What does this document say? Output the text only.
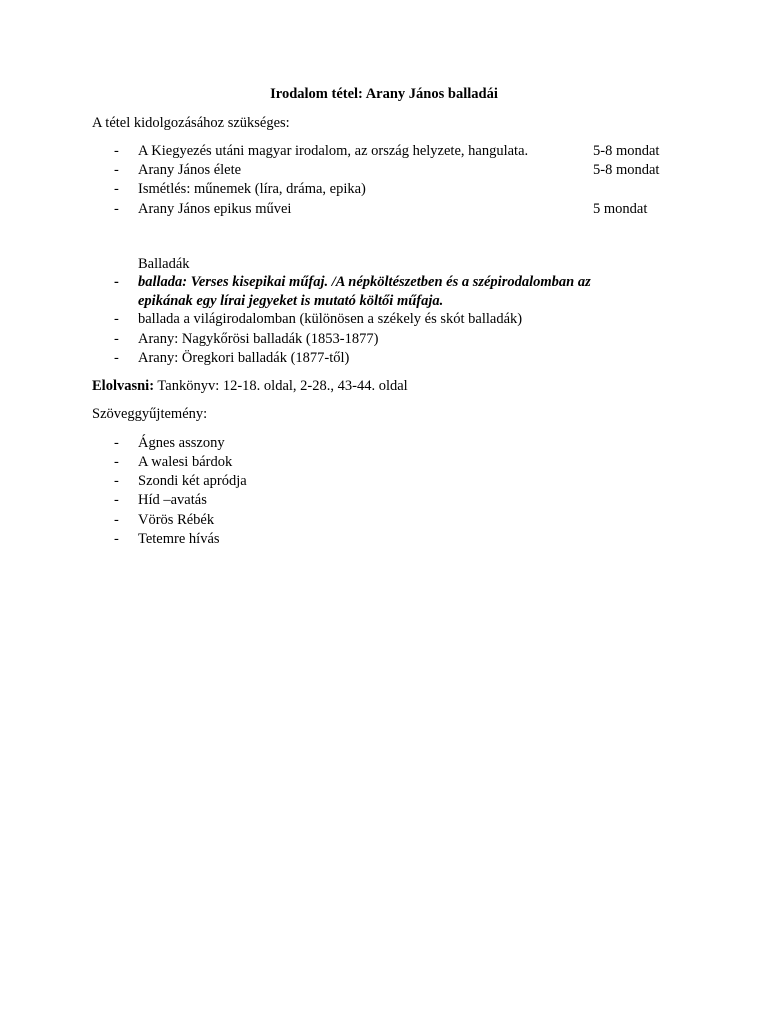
Irodalom tétel: Arany János balladái
A tétel kidolgozásához szükséges:
- A Kiegyezés utáni magyar irodalom, az ország helyzete, hangulata.	5-8 mondat
- Arany János élete	5-8 mondat
- Ismétlés: műnemek (líra, dráma, epika)
- Arany János epikus művei	5 mondat
Balladák
- ballada: Verses kisepikai műfaj. /A népköltészetben és a szépirodalomban az
epikának egy lírai jegyeket is mutató költői műfaja.
- ballada a világirodalomban (különösen a székely és skót balladák)
- Arany: Nagykőrösi balladák (1853-1877)
- Arany: Öregkori balladák (1877-től)
Elolvasni: Tankönyv: 12-18. oldal, 2-28., 43-44. oldal
Szöveggyűjtemény:
- Ágnes asszony
- A walesi bárdok
- Szondi két apródja
- Híd –avatás
- Vörös Rébék
- Tetemre hívás
